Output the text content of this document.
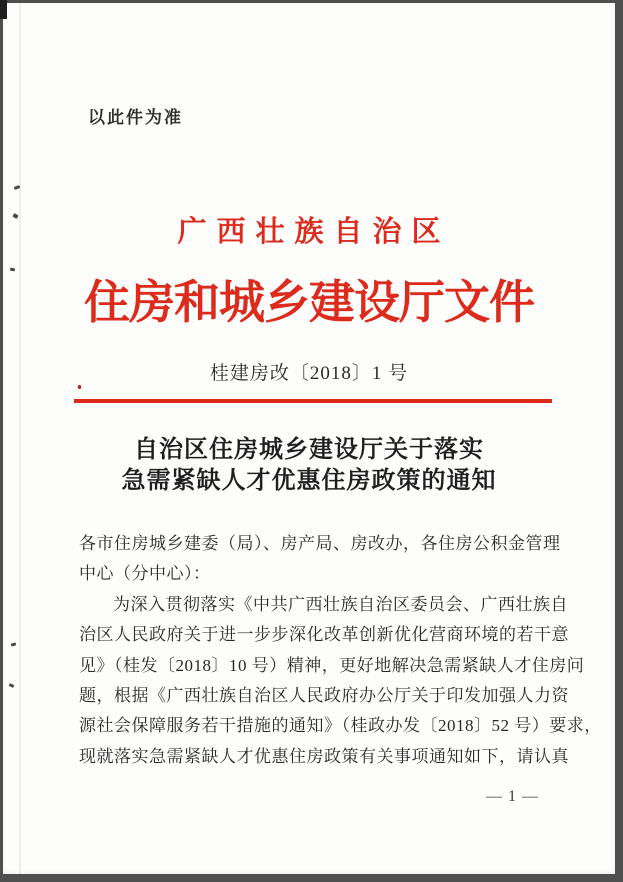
以此件为准
广西壮族自治区
住房和城乡建设厅文件
桂建房改〔2018〕1 号
自治区住房城乡建设厅关于落实
急需紧缺人才优惠住房政策的通知

各市住房城乡建委（局）、房产局、房改办，各住房公积金管理

中心（分中心）：

为深入贯彻落实《中共广西壮族自治区委员会、广西壮族自

治区人民政府关于进一步步深化改革创新优化营商环境的若干意

见》（桂发〔2018〕10 号）精神，更好地解决急需紧缺人才住房问

题，根据《广西壮族自治区人民政府办公厅关于印发加强人力资

源社会保障服务若干措施的通知》（桂政办发〔2018〕52 号）要求，

现就落实急需紧缺人才优惠住房政策有关事项通知如下，请认真

— 1 —
